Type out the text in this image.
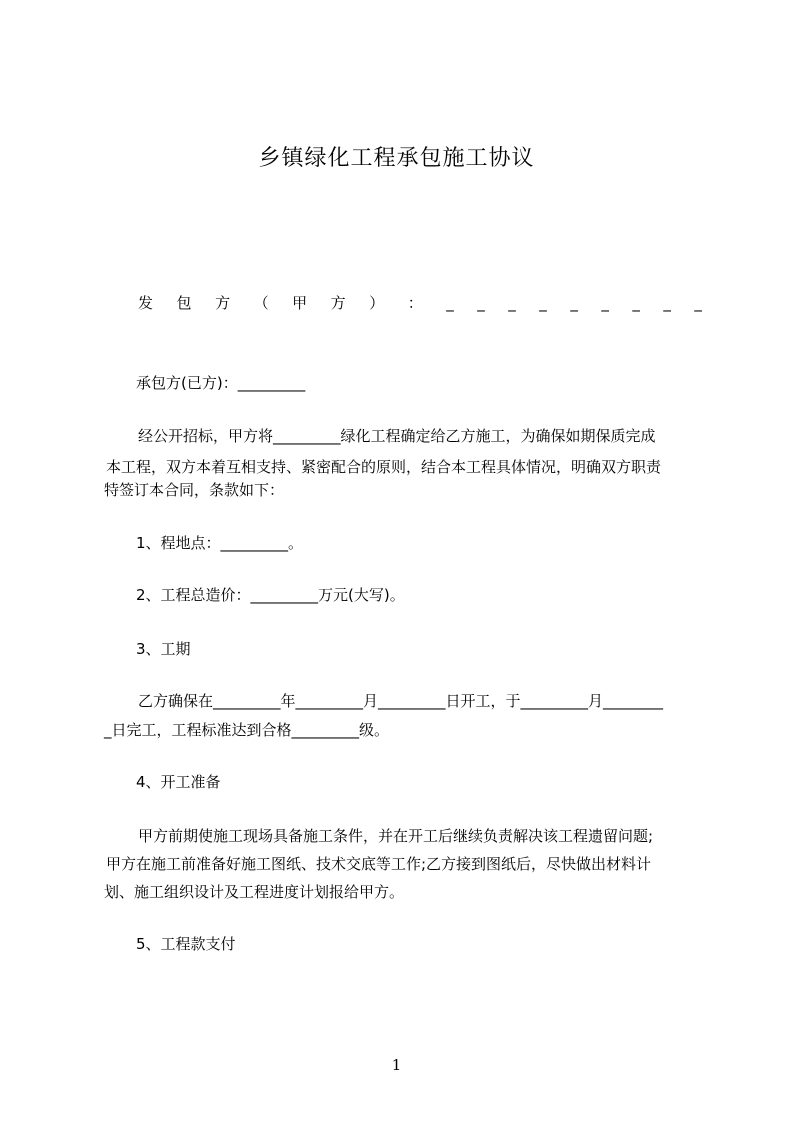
乡镇绿化工程承包施工协议
发 包 方 （ 甲 方 ） ： _ _ _ _ _ _ _ _ _
承包方(已方)：_________
经公开招标，甲方将_________绿化工程确定给乙方施工，为确保如期保质完成
本工程，双方本着互相支持、紧密配合的原则，结合本工程具体情况，明确双方职责
特签订本合同，条款如下：
1、程地点：_________。
2、工程总造价：_________万元(大写)。
3、工期
乙方确保在_________年_________月_________日开工，于_________月________
_日完工，工程标准达到合格_________级。
4、开工准备
甲方前期使施工现场具备施工条件，并在开工后继续负责解决该工程遗留问题;
甲方在施工前准备好施工图纸、技术交底等工作;乙方接到图纸后，尽快做出材料计
划、施工组织设计及工程进度计划报给甲方。
5、工程款支付
1
